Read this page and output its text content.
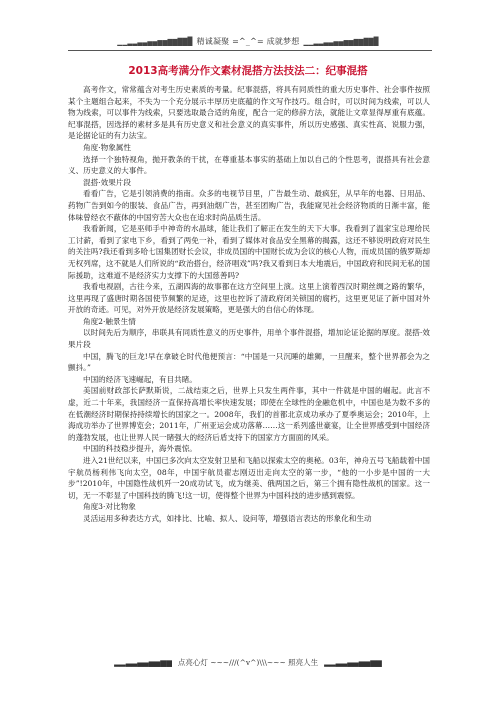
▁▁▂▂▃▃▄▄▅▅▆▆▇▇█ 精诚凝聚 =^_^= 成就梦想 ▁▁▂▂▃▃▄▄▅▅▆▆▇▇█
2013高考满分作文素材混搭方法技法二：纪事混搭

高考作文，常常蕴含对考生历史素质的考量。纪事混搭，将具有同质性的重大历史事件、社会事件按照某个主题组合起来，不失为一个充分展示丰厚历史底蕴的作文写作技巧。组合时，可以时间为线索，可以人物为线索，可以事件为线索，只要选取最合适的角度，配合一定的修辞方法，就能让文章显得厚重有底蕴。纪事混搭，因选择的素材多是具有历史意义和社会意义的真实事件，所以历史感强、真实性高、说服力强，是论据论证的有力法宝。

角度·物象属性

选择一个独特视角，抛开教条的干扰，在尊重基本事实的基础上加以自己的个性思考，混搭具有社会意义、历史意义的大事件。

混搭·效果片段

看看广告，它是引领消费的指南。众多的电视节目里，广告最生动、最疯狂，从早年的电器、日用品、药物广告到如今的服装、食品广告，再到油烟广告，甚至团购广告，我能窥见社会经济物质的日渐丰富，能体味曾经衣不蔽体的中国穷苦大众也在追求时尚品质生活。

我看新闻，它是巫师手中神奇的水晶球，能让我们了解正在发生的天下大事。我看到了温家宝总理给民工讨薪，看到了家电下乡，看到了两免一补，看到了媒体对食品安全黑幕的揭露，这还不够说明政府对民生的关注吗?我还看到多哈七国集团财长会议，非成员国的中国财长成为会议的核心人物，而成员国的俄罗斯却无权列席，这不就是人们所说的“政治搭台，经济唱戏”吗?我又看到日本大地震后，中国政府和民间无私的国际援助，这难道不是经济实力支撑下的大国慈善吗?

我看电视剧，古往今来，五湖四海的故事都在这方空间里上演。这里上演着西汉时期丝绸之路的繁华，这里再现了盛唐时期各国使节频繁的足迹，这里也控诉了清政府闭关锁国的腐朽，这里更见证了新中国对外开放的奇迹。可见，对外开放是经济发展策略，更是强大的自信心的体现。

角度2·触景生情

以时间先后为顺序，串联具有同质性意义的历史事件，用单个事件混搭，增加论证论据的厚度。混搭·效果片段

中国，腾飞的巨龙!早在拿破仑时代他便预言：“中国是一只沉睡的雄狮，一旦醒来，整个世界都会为之颤抖。”

中国的经济飞速崛起，有目共睹。

美国前财政部长萨默斯说，二战结束之后，世界上只发生两件事，其中一件就是中国的崛起。此言不虚，近二十年来，我国经济一直保持高增长率快速发展；即使在全球性的金融危机中，中国也是为数不多的在低潮经济时期保持持续增长的国家之一。2008年，我们的首都北京成功承办了夏季奥运会；2010年，上海成功举办了世界博览会；2011年，广州亚运会成功落幕……这一系列盛世豪宴，让全世界感受到中国经济的蓬勃发展，也让世界人民一睹强大的经济后盾支持下的国家方方面面的风采。

中国的科技稳步提升，海外震惊。

进入21世纪以来，中国已多次向太空发射卫星和飞船以探索太空的奥秘。03年，神舟五号飞船载着中国宇航员杨利伟飞向太空，08年，中国宇航员翟志刚迈出走向太空的第一步，“他的一小步是中国的一大步”!2010年，中国隐性战机歼一20成功试飞，成为继美、俄两国之后，第三个拥有隐性战机的国家。这一切，无一不彰显了中国科技的腾飞!这一切，使得整个世界为中国科技的进步感到震惊。

角度3·对比物象

灵活运用多种表达方式，如排比、比喻、拟人、设问等，增强语言表达的形象化和生动

▂▂▃▃▄▄▅▅▆▆ 点亮心灯 ~~~///(^v^)\\\~~~ 照亮人生 ▂▂▃▃▄▄▅▅▆▆
